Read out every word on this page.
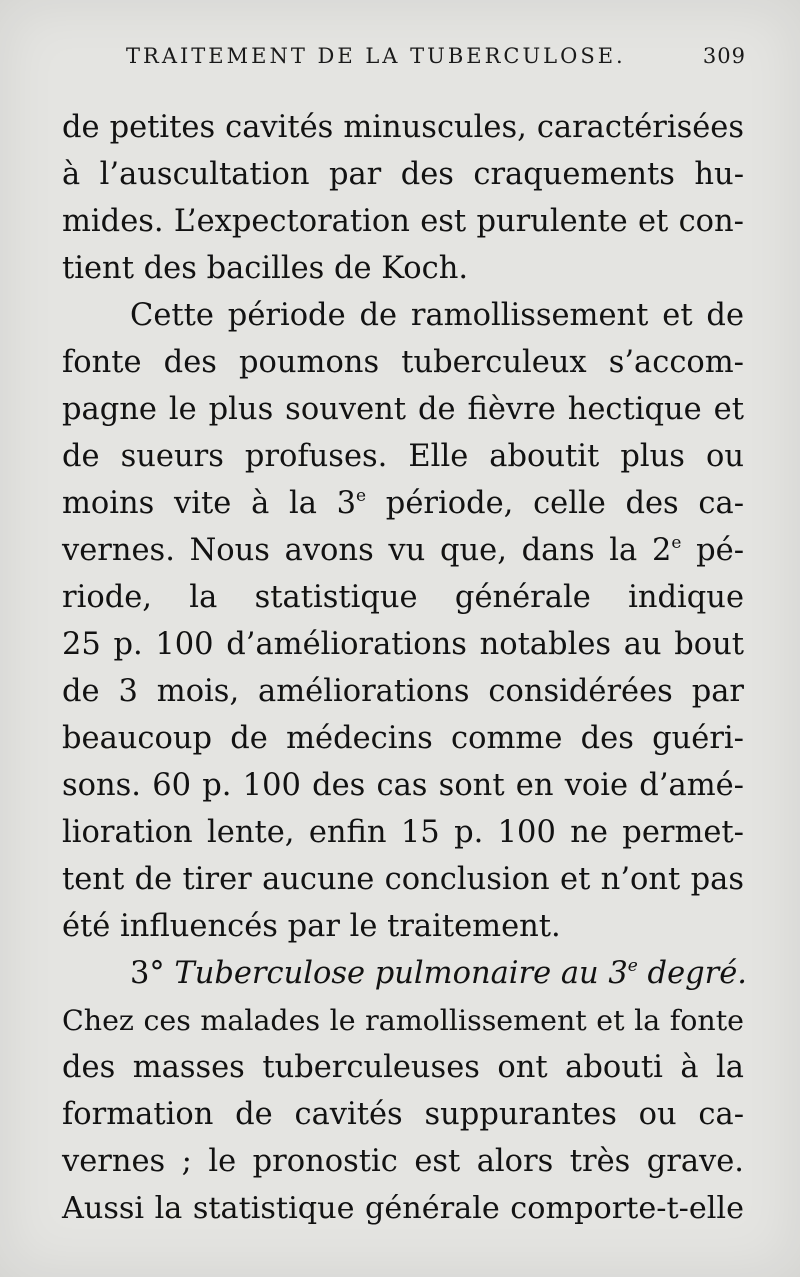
TRAITEMENT DE LA TUBERCULOSE.	309
de petites cavités minuscules, caractérisées
à l’auscultation par des craquements hu-
mides. L’expectoration est purulente et con-
tient des bacilles de Koch.
Cette période de ramollissement et de
fonte des poumons tuberculeux s’accom-
pagne le plus souvent de fièvre hectique et
de sueurs profuses. Elle aboutit plus ou
moins vite à la 3e période, celle des ca-
vernes. Nous avons vu que, dans la 2e pé-
riode, la statistique générale indique
25 p. 100 d’améliorations notables au bout
de 3 mois, améliorations considérées par
beaucoup de médecins comme des guéri-
sons. 60 p. 100 des cas sont en voie d’amé-
lioration lente, enfin 15 p. 100 ne permet-
tent de tirer aucune conclusion et n’ont pas
été influencés par le traitement.
3° Tuberculose pulmonaire au 3e degré.
Chez ces malades le ramollissement et la fonte
des masses tuberculeuses ont abouti à la
formation de cavités suppurantes ou ca-
vernes ; le pronostic est alors très grave.
Aussi la statistique générale comporte-t-elle
